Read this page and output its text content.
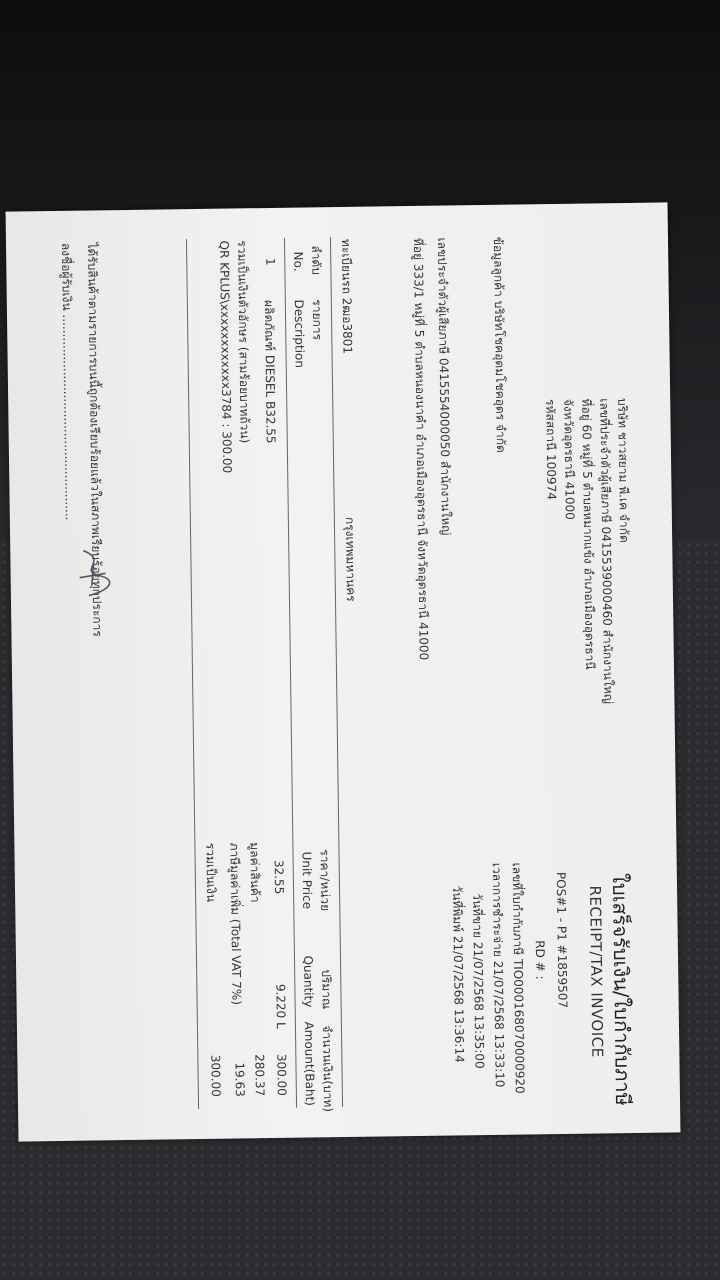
บริษัท ชาวสยาม พี.เค จำกัด
เลขที่ประจำตัวผู้เสียภาษี 0415539000460 สำนักงานใหญ่
ที่อยู่ 60 หมู่ที่ 5 ตำบลหมากแข้ง อำเภอเมืองอุดรธานี
จังหวัดอุดรธานี 41000
รหัสสถานี 100974
ใบเสร็จรับเงิน/ใบกำกับภาษี
RECEIPT/TAX INVOICE
POS#1 - P1 #1859507
RD # :
เลขที่ใบกำกับภาษี TIO000168070000920
เวลาการชำระจ่าย 21/07/2568 13:33:10
วันที่ขาย 21/07/2568 13:35:00
วันที่พิมพ์ 21/07/2568 13:36:14
ข้อมูลลูกค้า บริษัทโชคอุดมโชคอุดร จำกัด
เลขประจำตัวผู้เสียภาษี 0415554000050 สำนักงานใหญ่
ที่อยู่ 333/1 หมู่ที่ 5 ตำบลหนองนาคำ อำเภอเมืองอุดรธานี จังหวัดอุดรธานี 41000
ทะเบียนรถ 2ฒอ3801
กรุงเทพมหานคร
ลำดับ
รายการ
ราคา/หน่วย
ปริมาณ
จำนวนเงิน(บาท)
No.
Description
Unit Price
Quantity
Amount(Baht)
1
ผลิตภัณฑ์ DIESEL B32.55
32.55
9.220 L
300.00
รวมเป็นเงินตัวอักษร (สามร้อยบาทถ้วน)
QR KPLUS\xxxxxxxxxxxx3784 : 300.00
มูลค่าสินค้า
280.37
ภาษีมูลค่าเพิ่ม (Total VAT 7%)
19.63
รวมเป็นเงิน
300.00
ได้รับสินค้าตามรายการบนนี้ถูกต้องเรียบร้อยแล้วในสภาพเรียบร้อยทุกประการ
ลงชื่อผู้รับเงิน ......................................................
